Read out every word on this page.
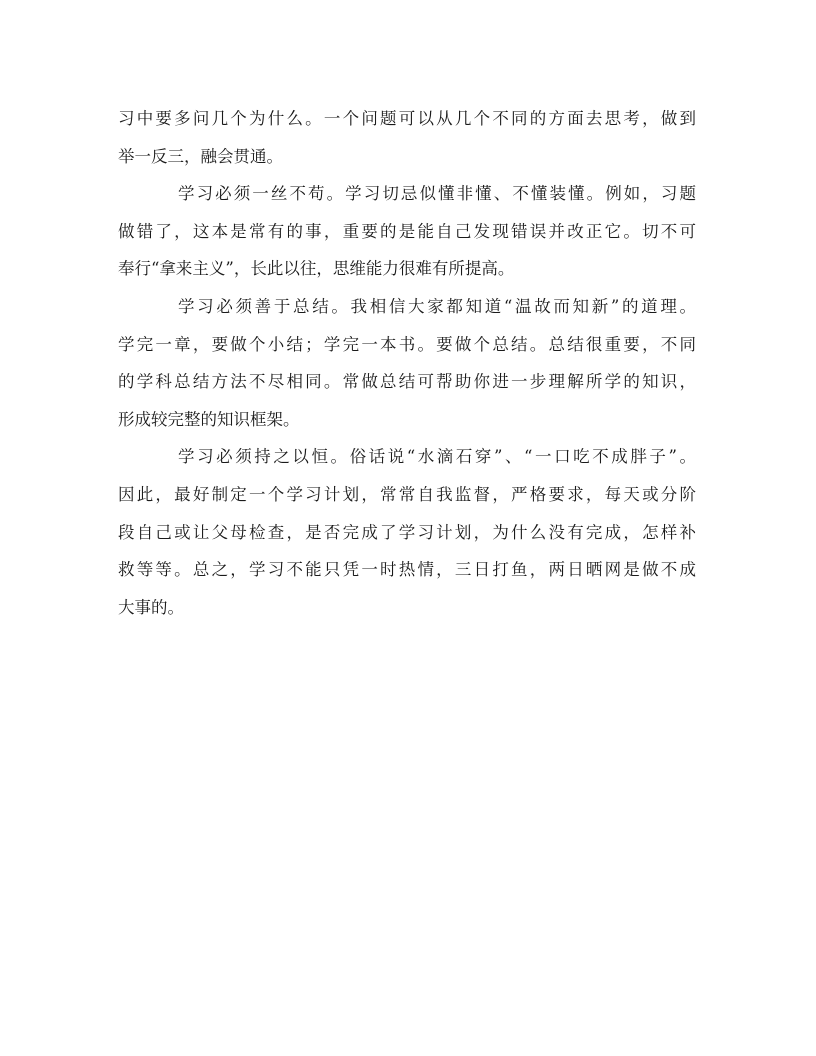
习中要多问几个为什么。一个问题可以从几个不同的方面去思考，做到
举一反三，融会贯通。
学习必须一丝不苟。学习切忌似懂非懂、不懂装懂。例如，习题
做错了，这本是常有的事，重要的是能自己发现错误并改正它。切不可
奉行“拿来主义”，长此以往，思维能力很难有所提高。
学习必须善于总结。我相信大家都知道“温故而知新”的道理。
学完一章，要做个小结；学完一本书。要做个总结。总结很重要，不同
的学科总结方法不尽相同。常做总结可帮助你进一步理解所学的知识，
形成较完整的知识框架。
学习必须持之以恒。俗话说“水滴石穿”、“一口吃不成胖子”。
因此，最好制定一个学习计划，常常自我监督，严格要求，每天或分阶
段自己或让父母检查，是否完成了学习计划，为什么没有完成，怎样补
救等等。总之，学习不能只凭一时热情，三日打鱼，两日晒网是做不成
大事的。
